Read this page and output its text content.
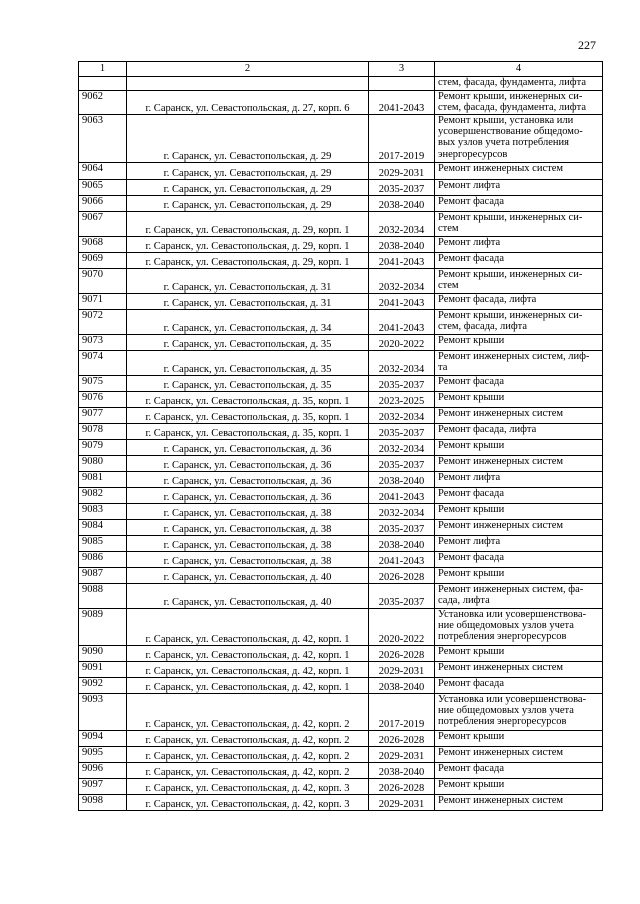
227
1	2	3	4

			стем, фасада, фундамента, лифта

9062	г. Саранск, ул. Севастопольская, д. 27, корп. 6	2041-2043	Ремонт крыши, инженерных си-
стем, фасада, фундамента, лифта

9063	г. Саранск, ул. Севастопольская, д. 29	2017-2019	Ремонт крыши, установка или
усовершенствование общедомо-
вых узлов учета потребления
энергоресурсов

9064	г. Саранск, ул. Севастопольская, д. 29	2029-2031	Ремонт инженерных систем

9065	г. Саранск, ул. Севастопольская, д. 29	2035-2037	Ремонт лифта

9066	г. Саранск, ул. Севастопольская, д. 29	2038-2040	Ремонт фасада

9067	г. Саранск, ул. Севастопольская, д. 29, корп. 1	2032-2034	Ремонт крыши, инженерных си-
стем

9068	г. Саранск, ул. Севастопольская, д. 29, корп. 1	2038-2040	Ремонт лифта

9069	г. Саранск, ул. Севастопольская, д. 29, корп. 1	2041-2043	Ремонт фасада

9070	г. Саранск, ул. Севастопольская, д. 31	2032-2034	Ремонт крыши, инженерных си-
стем

9071	г. Саранск, ул. Севастопольская, д. 31	2041-2043	Ремонт фасада, лифта

9072	г. Саранск, ул. Севастопольская, д. 34	2041-2043	Ремонт крыши, инженерных си-
стем, фасада, лифта

9073	г. Саранск, ул. Севастопольская, д. 35	2020-2022	Ремонт крыши

9074	г. Саранск, ул. Севастопольская, д. 35	2032-2034	Ремонт инженерных систем, лиф-
та

9075	г. Саранск, ул. Севастопольская, д. 35	2035-2037	Ремонт фасада

9076	г. Саранск, ул. Севастопольская, д. 35, корп. 1	2023-2025	Ремонт крыши

9077	г. Саранск, ул. Севастопольская, д. 35, корп. 1	2032-2034	Ремонт инженерных систем

9078	г. Саранск, ул. Севастопольская, д. 35, корп. 1	2035-2037	Ремонт фасада, лифта

9079	г. Саранск, ул. Севастопольская, д. 36	2032-2034	Ремонт крыши

9080	г. Саранск, ул. Севастопольская, д. 36	2035-2037	Ремонт инженерных систем

9081	г. Саранск, ул. Севастопольская, д. 36	2038-2040	Ремонт лифта

9082	г. Саранск, ул. Севастопольская, д. 36	2041-2043	Ремонт фасада

9083	г. Саранск, ул. Севастопольская, д. 38	2032-2034	Ремонт крыши

9084	г. Саранск, ул. Севастопольская, д. 38	2035-2037	Ремонт инженерных систем

9085	г. Саранск, ул. Севастопольская, д. 38	2038-2040	Ремонт лифта

9086	г. Саранск, ул. Севастопольская, д. 38	2041-2043	Ремонт фасада

9087	г. Саранск, ул. Севастопольская, д. 40	2026-2028	Ремонт крыши

9088	г. Саранск, ул. Севастопольская, д. 40	2035-2037	Ремонт инженерных систем, фа-
сада, лифта

9089	г. Саранск, ул. Севастопольская, д. 42, корп. 1	2020-2022	Установка или усовершенствова-
ние общедомовых узлов учета
потребления энергоресурсов

9090	г. Саранск, ул. Севастопольская, д. 42, корп. 1	2026-2028	Ремонт крыши

9091	г. Саранск, ул. Севастопольская, д. 42, корп. 1	2029-2031	Ремонт инженерных систем

9092	г. Саранск, ул. Севастопольская, д. 42, корп. 1	2038-2040	Ремонт фасада

9093	г. Саранск, ул. Севастопольская, д. 42, корп. 2	2017-2019	Установка или усовершенствова-
ние общедомовых узлов учета
потребления энергоресурсов

9094	г. Саранск, ул. Севастопольская, д. 42, корп. 2	2026-2028	Ремонт крыши

9095	г. Саранск, ул. Севастопольская, д. 42, корп. 2	2029-2031	Ремонт инженерных систем

9096	г. Саранск, ул. Севастопольская, д. 42, корп. 2	2038-2040	Ремонт фасада

9097	г. Саранск, ул. Севастопольская, д. 42, корп. 3	2026-2028	Ремонт крыши

9098	г. Саранск, ул. Севастопольская, д. 42, корп. 3	2029-2031	Ремонт инженерных систем
